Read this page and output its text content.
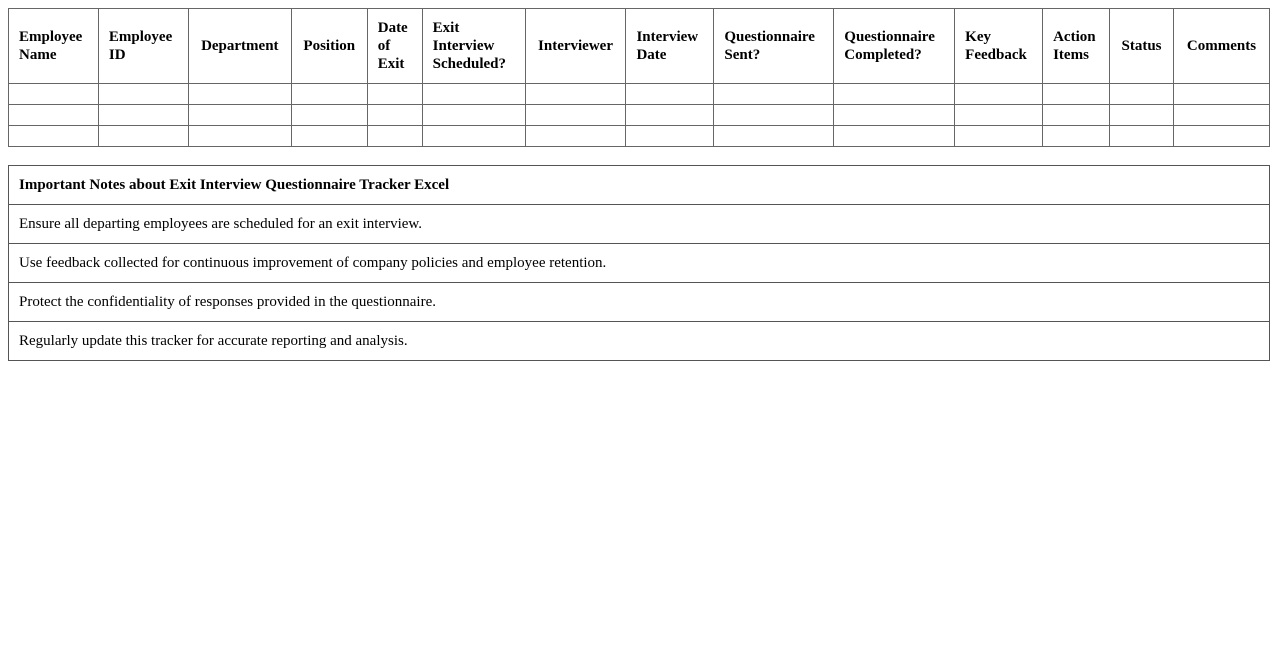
Employee Name	Employee ID	Department	Position	Date of Exit	Exit Interview Scheduled?	Interviewer	Interview Date	Questionnaire Sent?	Questionnaire Completed?	Key Feedback	Action Items	Status	Comments

Important Notes about Exit Interview Questionnaire Tracker Excel
Ensure all departing employees are scheduled for an exit interview.
Use feedback collected for continuous improvement of company policies and employee retention.
Protect the confidentiality of responses provided in the questionnaire.
Regularly update this tracker for accurate reporting and analysis.
